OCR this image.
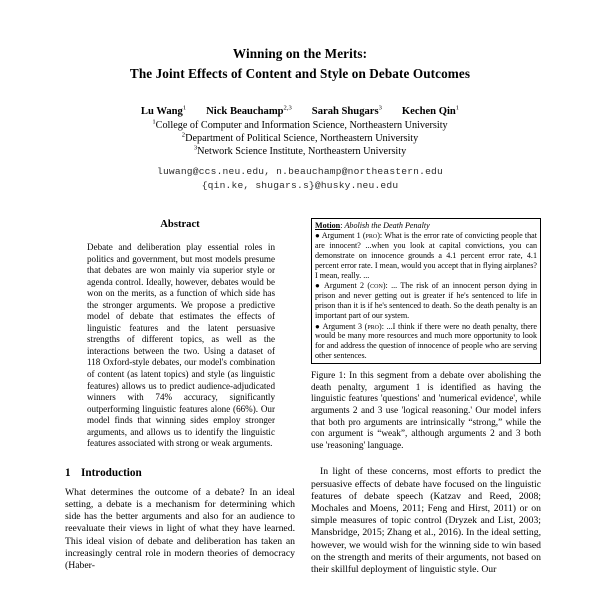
Winning on the Merits:
The Joint Effects of Content and Style on Debate Outcomes
Lu Wang$^1$ Nick Beauchamp$^{2,3}$ Sarah Shugars$^3$ Kechen Qin$^1$
$^1$College of Computer and Information Science, Northeastern University
$^2$Department of Political Science, Northeastern University
$^3$Network Science Institute, Northeastern University
luwang@ccs.neu.edu, n.beauchamp@northeastern.edu
{qin.ke, shugars.s}@husky.neu.edu
Abstract
Debate and deliberation play essential roles in politics and government, but most models presume that debates are won mainly via superior style or agenda control. Ideally, however, debates would be won on the merits, as a function of which side has the stronger arguments. We propose a predictive model of debate that estimates the effects of linguistic features and the latent persuasive strengths of different topics, as well as the interactions between the two. Using a dataset of 118 Oxford-style debates, our model's combination of content (as latent topics) and style (as linguistic features) allows us to predict audience-adjudicated winners with 74% accuracy, significantly outperforming linguistic features alone (66%). Our model finds that winning sides employ stronger arguments, and allows us to identify the linguistic features associated with strong or weak arguments.
1 Introduction

What determines the outcome of a debate? In an ideal setting, a debate is a mechanism for determining which side has the better arguments and also for an audience to reevaluate their views in light of what they have learned. This ideal vision of debate and deliberation has taken an increasingly central role in modern theories of democracy (Haber-

Motion: Abolish the Death Penalty
● Argument 1 (pro): What is the error rate of convicting people that are innocent? ...when you look at capital convictions, you can demonstrate on innocence grounds a 4.1 percent error rate, 4.1 percent error rate. I mean, would you accept that in flying airplanes? I mean, really. ...
● Argument 2 (con): ... The risk of an innocent person dying in prison and never getting out is greater if he's sentenced to life in prison than it is if he's sentenced to death. So the death penalty is an important part of our system.
● Argument 3 (pro): ...I think if there were no death penalty, there would be many more resources and much more opportunity to look for and address the question of innocence of people who are serving other sentences.
Figure 1: In this segment from a debate over abolishing the death penalty, argument 1 is identified as having the linguistic features 'questions' and 'numerical evidence', while arguments 2 and 3 use 'logical reasoning.' Our model infers that both pro arguments are intrinsically “strong,” while the con argument is “weak”, although arguments 2 and 3 both use 'reasoning' language.

In light of these concerns, most efforts to predict the persuasive effects of debate have focused on the linguistic features of debate speech (Katzav and Reed, 2008; Mochales and Moens, 2011; Feng and Hirst, 2011) or on simple measures of topic control (Dryzek and List, 2003; Mansbridge, 2015; Zhang et al., 2016). In the ideal setting, however, we would wish for the winning side to win based on the strength and merits of their arguments, not based on their skillful deployment of linguistic style. Our
